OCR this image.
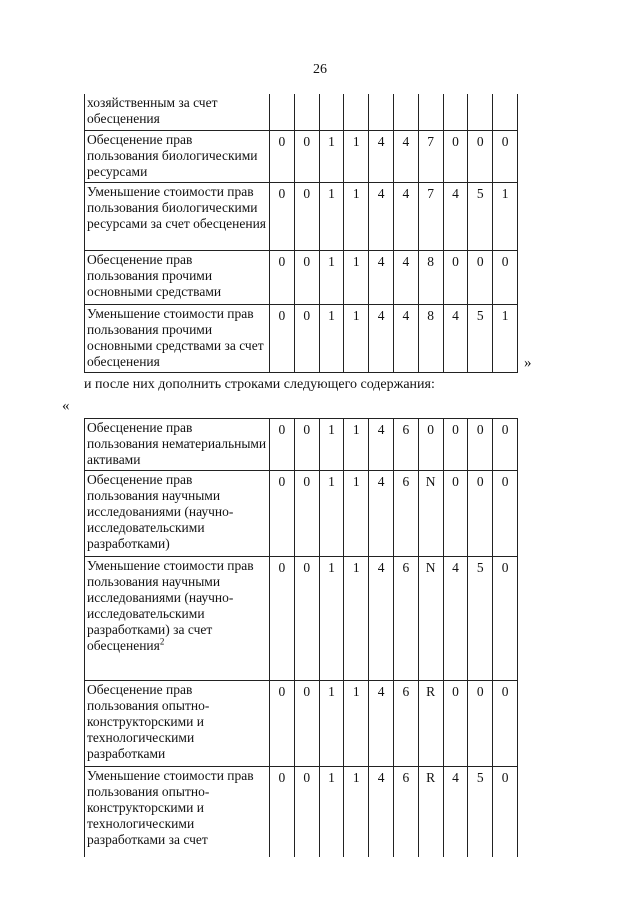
26
хозяйственным за счет обесценения										
Обесценение прав пользования биологическими ресурсами	0	0	1	1	4	4	7	0	0	0
Уменьшение стоимости прав пользования биологическими ресурсами за счет обесценения	0	0	1	1	4	4	7	4	5	1
Обесценение прав пользования прочими основными средствами	0	0	1	1	4	4	8	0	0	0
Уменьшение стоимости прав пользования прочими основными средствами за счет обесценения	0	0	1	1	4	4	8	4	5	1
»
и после них дополнить строками следующего содержания:
«
Обесценение прав пользования нематериальными активами	0	0	1	1	4	6	0	0	0	0
Обесценение прав пользования научными исследованиями (научно-исследовательскими разработками)	0	0	1	1	4	6	N	0	0	0
Уменьшение стоимости прав пользования научными исследованиями (научно-исследовательскими разработками) за счет обесценения$^2$	0	0	1	1	4	6	N	4	5	0
Обесценение прав пользования опытно-конструкторскими и технологическими разработками	0	0	1	1	4	6	R	0	0	0
Уменьшение стоимости прав пользования опытно-конструкторскими и технологическими разработками за счет	0	0	1	1	4	6	R	4	5	0
